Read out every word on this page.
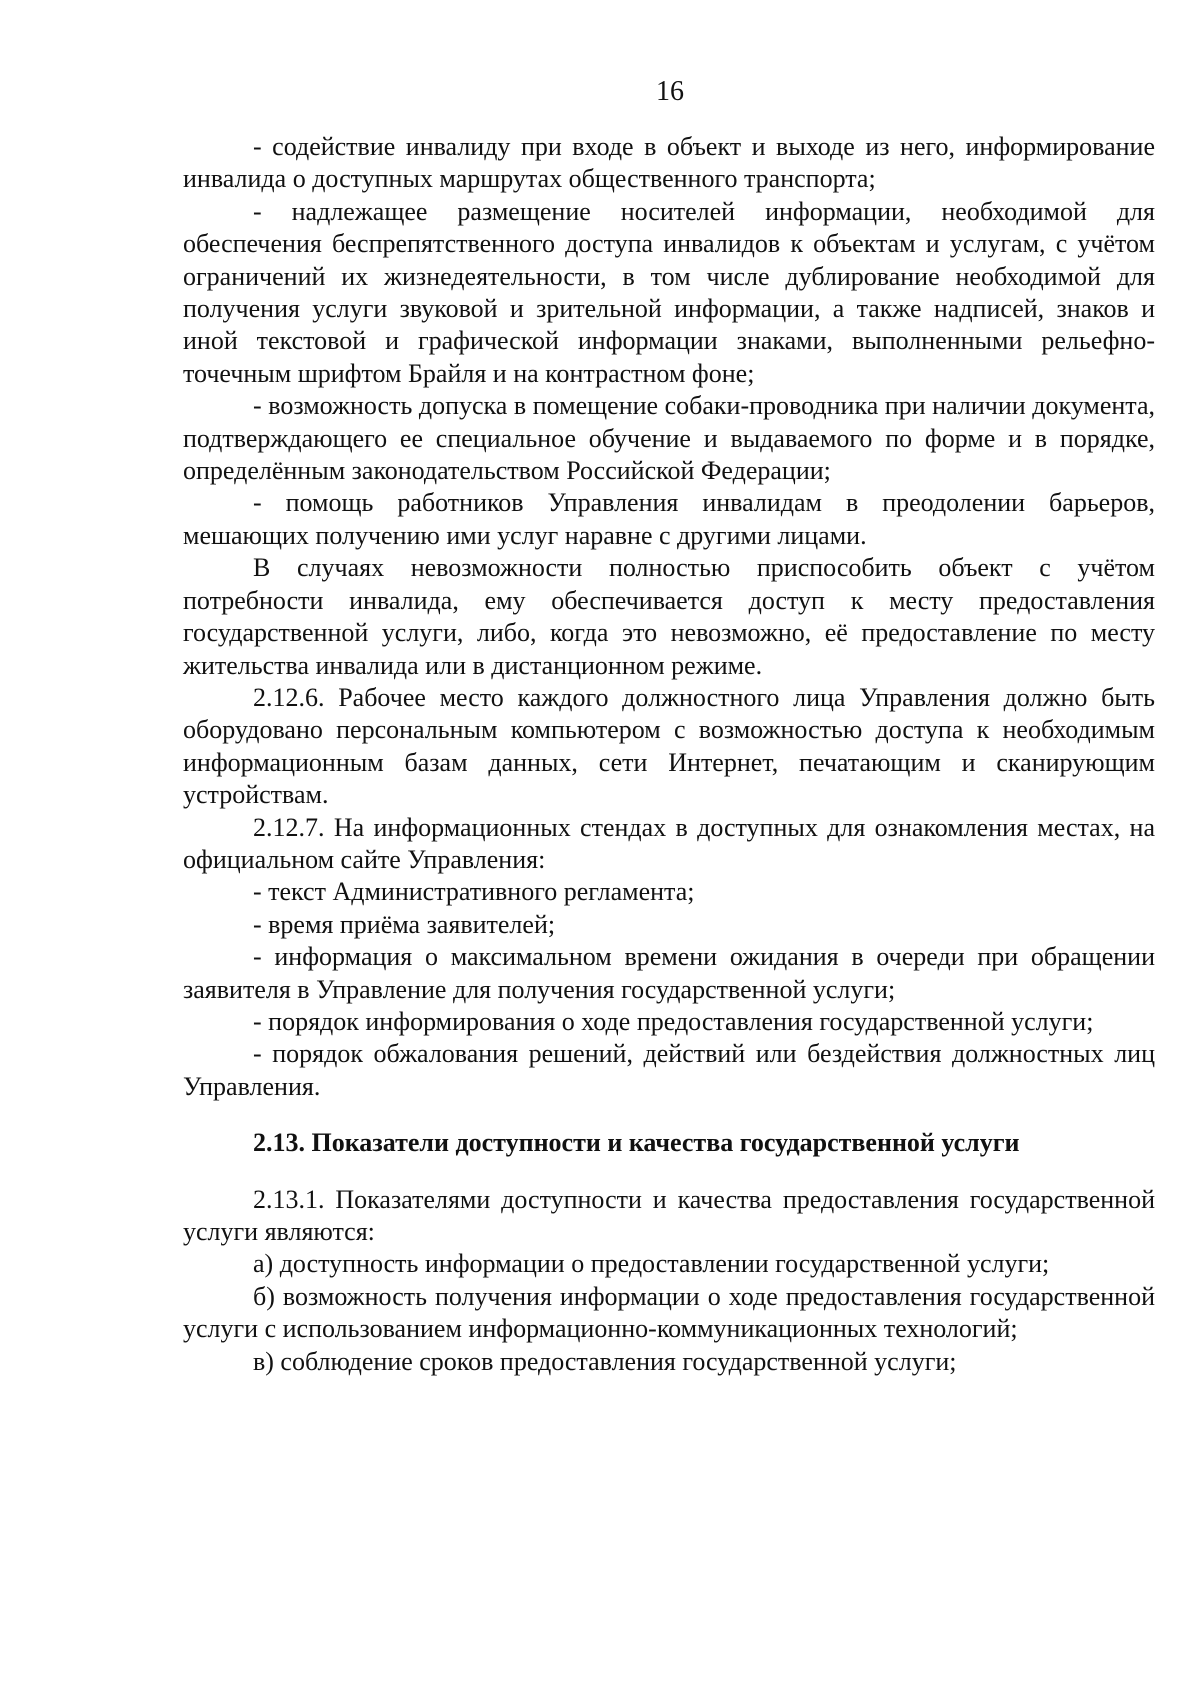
16

- содействие инвалиду при входе в объект и выходе из него, информирование инвалида о доступных маршрутах общественного транспорта;

- надлежащее размещение носителей информации, необходимой для обеспечения беспрепятственного доступа инвалидов к объектам и услугам, с учётом ограничений их жизнедеятельности, в том числе дублирование необходимой для получения услуги звуковой и зрительной информации, а также надписей, знаков и иной текстовой и графической информации знаками, выполненными рельефно-точечным шрифтом Брайля и на контрастном фоне;

- возможность допуска в помещение собаки-проводника при наличии документа, подтверждающего ее специальное обучение и выдаваемого по форме и в порядке, определённым законодательством Российской Федерации;

- помощь работников Управления инвалидам в преодолении барьеров, мешающих получению ими услуг наравне с другими лицами.

В случаях невозможности полностью приспособить объект с учётом потребности инвалида, ему обеспечивается доступ к месту предоставления государственной услуги, либо, когда это невозможно, её предоставление по месту жительства инвалида или в дистанционном режиме.

2.12.6. Рабочее место каждого должностного лица Управления должно быть оборудовано персональным компьютером с возможностью доступа к необходимым информационным базам данных, сети Интернет, печатающим и сканирующим устройствам.

2.12.7. На информационных стендах в доступных для ознакомления местах, на официальном сайте Управления:

- текст Административного регламента;

- время приёма заявителей;

- информация о максимальном времени ожидания в очереди при обращении заявителя в Управление для получения государственной услуги;

- порядок информирования о ходе предоставления государственной услуги;

- порядок обжалования решений, действий или бездействия должностных лиц Управления.

2.13. Показатели доступности и качества государственной услуги

2.13.1. Показателями доступности и качества предоставления государственной услуги являются:

а) доступность информации о предоставлении государственной услуги;

б) возможность получения информации о ходе предоставления государственной услуги с использованием информационно-коммуникационных технологий;

в) соблюдение сроков предоставления государственной услуги;
